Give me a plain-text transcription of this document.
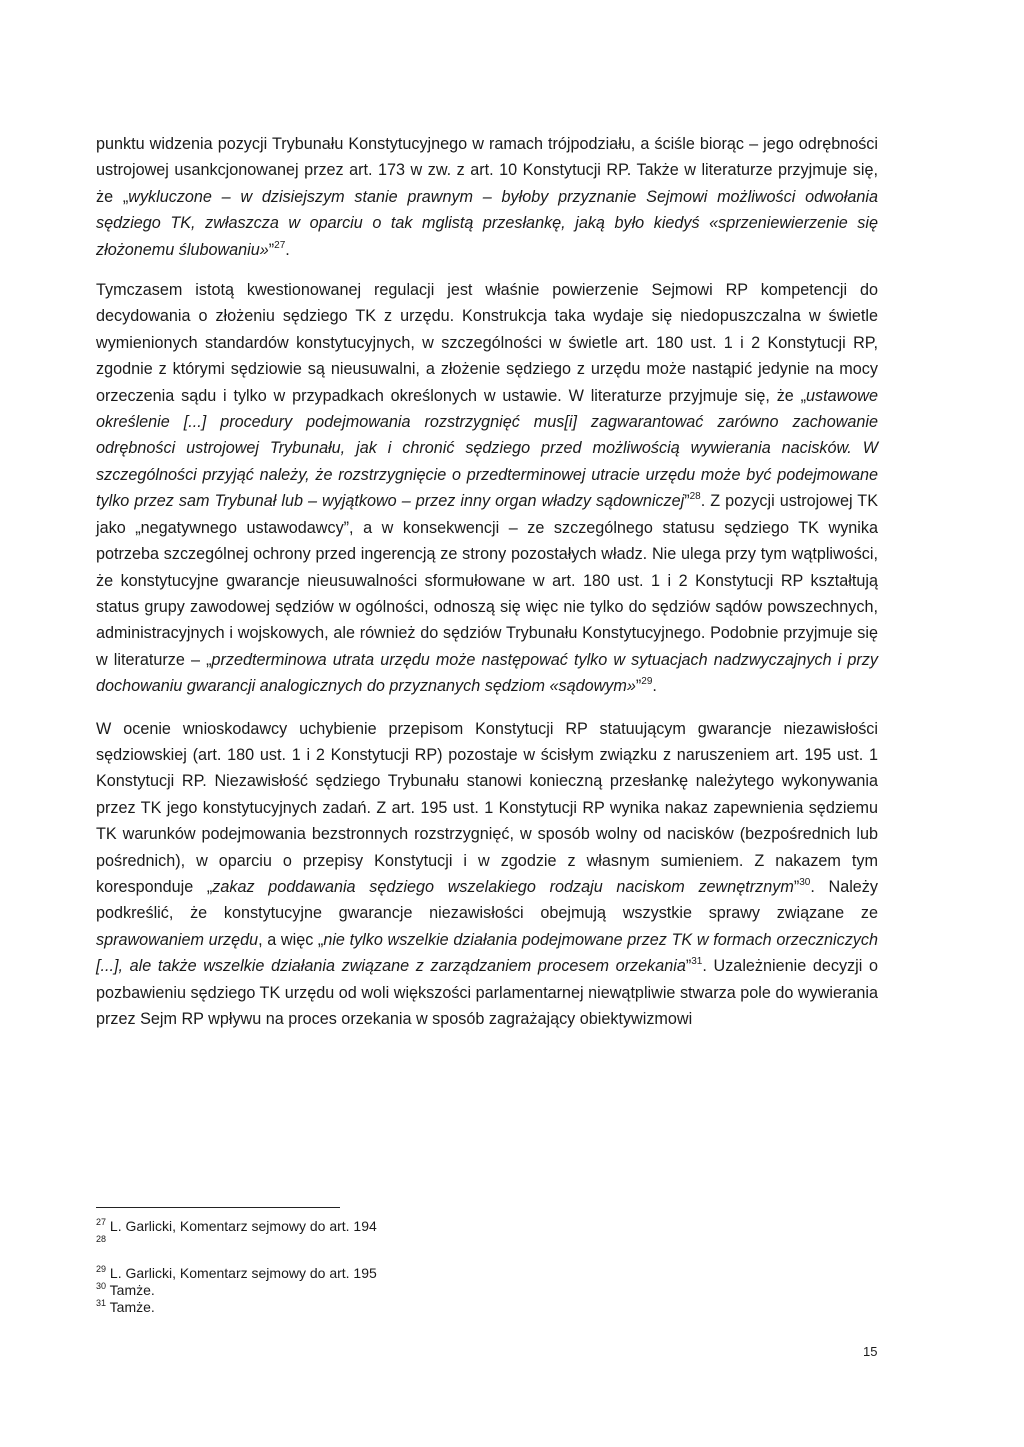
punktu widzenia pozycji Trybunału Konstytucyjnego w ramach trójpodziału, a ściśle biorąc – jego odrębności ustrojowej usankcjonowanej przez art. 173 w zw. z art. 10 Konstytucji RP. Także w literaturze przyjmuje się, że „wykluczone – w dzisiejszym stanie prawnym – byłoby przyznanie Sejmowi możliwości odwołania sędziego TK, zwłaszcza w oparciu o tak mglistą przesłankę, jaką było kiedyś «sprzeniewierzenie się złożonemu ślubowaniu»”$^{27}$.

Tymczasem istotą kwestionowanej regulacji jest właśnie powierzenie Sejmowi RP kompetencji do decydowania o złożeniu sędziego TK z urzędu. Konstrukcja taka wydaje się niedopuszczalna w świetle wymienionych standardów konstytucyjnych, w szczególności w świetle art. 180 ust. 1 i 2 Konstytucji RP, zgodnie z którymi sędziowie są nieusuwalni, a złożenie sędziego z urzędu może nastąpić jedynie na mocy orzeczenia sądu i tylko w przypadkach określonych w ustawie. W literaturze przyjmuje się, że „ustawowe określenie [...] procedury podejmowania rozstrzygnięć mus[i] zagwarantować zarówno zachowanie odrębności ustrojowej Trybunału, jak i chronić sędziego przed możliwością wywierania nacisków. W szczególności przyjąć należy, że rozstrzygnięcie o przedterminowej utracie urzędu może być podejmowane tylko przez sam Trybunał lub – wyjątkowo – przez inny organ władzy sądowniczej”$^{28}$. Z pozycji ustrojowej TK jako „negatywnego ustawodawcy”, a w konsekwencji – ze szczególnego statusu sędziego TK wynika potrzeba szczególnej ochrony przed ingerencją ze strony pozostałych władz. Nie ulega przy tym wątpliwości, że konstytucyjne gwarancje nieusuwalności sformułowane w art. 180 ust. 1 i 2 Konstytucji RP kształtują status grupy zawodowej sędziów w ogólności, odnoszą się więc nie tylko do sędziów sądów powszechnych, administracyjnych i wojskowych, ale również do sędziów Trybunału Konstytucyjnego. Podobnie przyjmuje się w literaturze – „przedterminowa utrata urzędu może następować tylko w sytuacjach nadzwyczajnych i przy dochowaniu gwarancji analogicznych do przyznanych sędziom «sądowym»”$^{29}$.

W ocenie wnioskodawcy uchybienie przepisom Konstytucji RP statuującym gwarancje niezawisłości sędziowskiej (art. 180 ust. 1 i 2 Konstytucji RP) pozostaje w ścisłym związku z naruszeniem art. 195 ust. 1 Konstytucji RP. Niezawisłość sędziego Trybunału stanowi konieczną przesłankę należytego wykonywania przez TK jego konstytucyjnych zadań. Z art. 195 ust. 1 Konstytucji RP wynika nakaz zapewnienia sędziemu TK warunków podejmowania bezstronnych rozstrzygnięć, w sposób wolny od nacisków (bezpośrednich lub pośrednich), w oparciu o przepisy Konstytucji i w zgodzie z własnym sumieniem. Z nakazem tym koresponduje „zakaz poddawania sędziego wszelakiego rodzaju naciskom zewnętrznym”$^{30}$. Należy podkreślić, że konstytucyjne gwarancje niezawisłości obejmują wszystkie sprawy związane ze sprawowaniem urzędu, a więc „nie tylko wszelkie działania podejmowane przez TK w formach orzeczniczych [...], ale także wszelkie działania związane z zarządzaniem procesem orzekania”$^{31}$. Uzależnienie decyzji o pozbawieniu sędziego TK urzędu od woli większości parlamentarnej niewątpliwie stwarza pole do wywierania przez Sejm RP wpływu na proces orzekania w sposób zagrażający obiektywizmowi

$^{27}$ L. Garlicki, Komentarz sejmowy do art. 194

$^{28}$

$^{29}$ L. Garlicki, Komentarz sejmowy do art. 195

$^{30}$ Tamże.

$^{31}$ Tamże.

15
